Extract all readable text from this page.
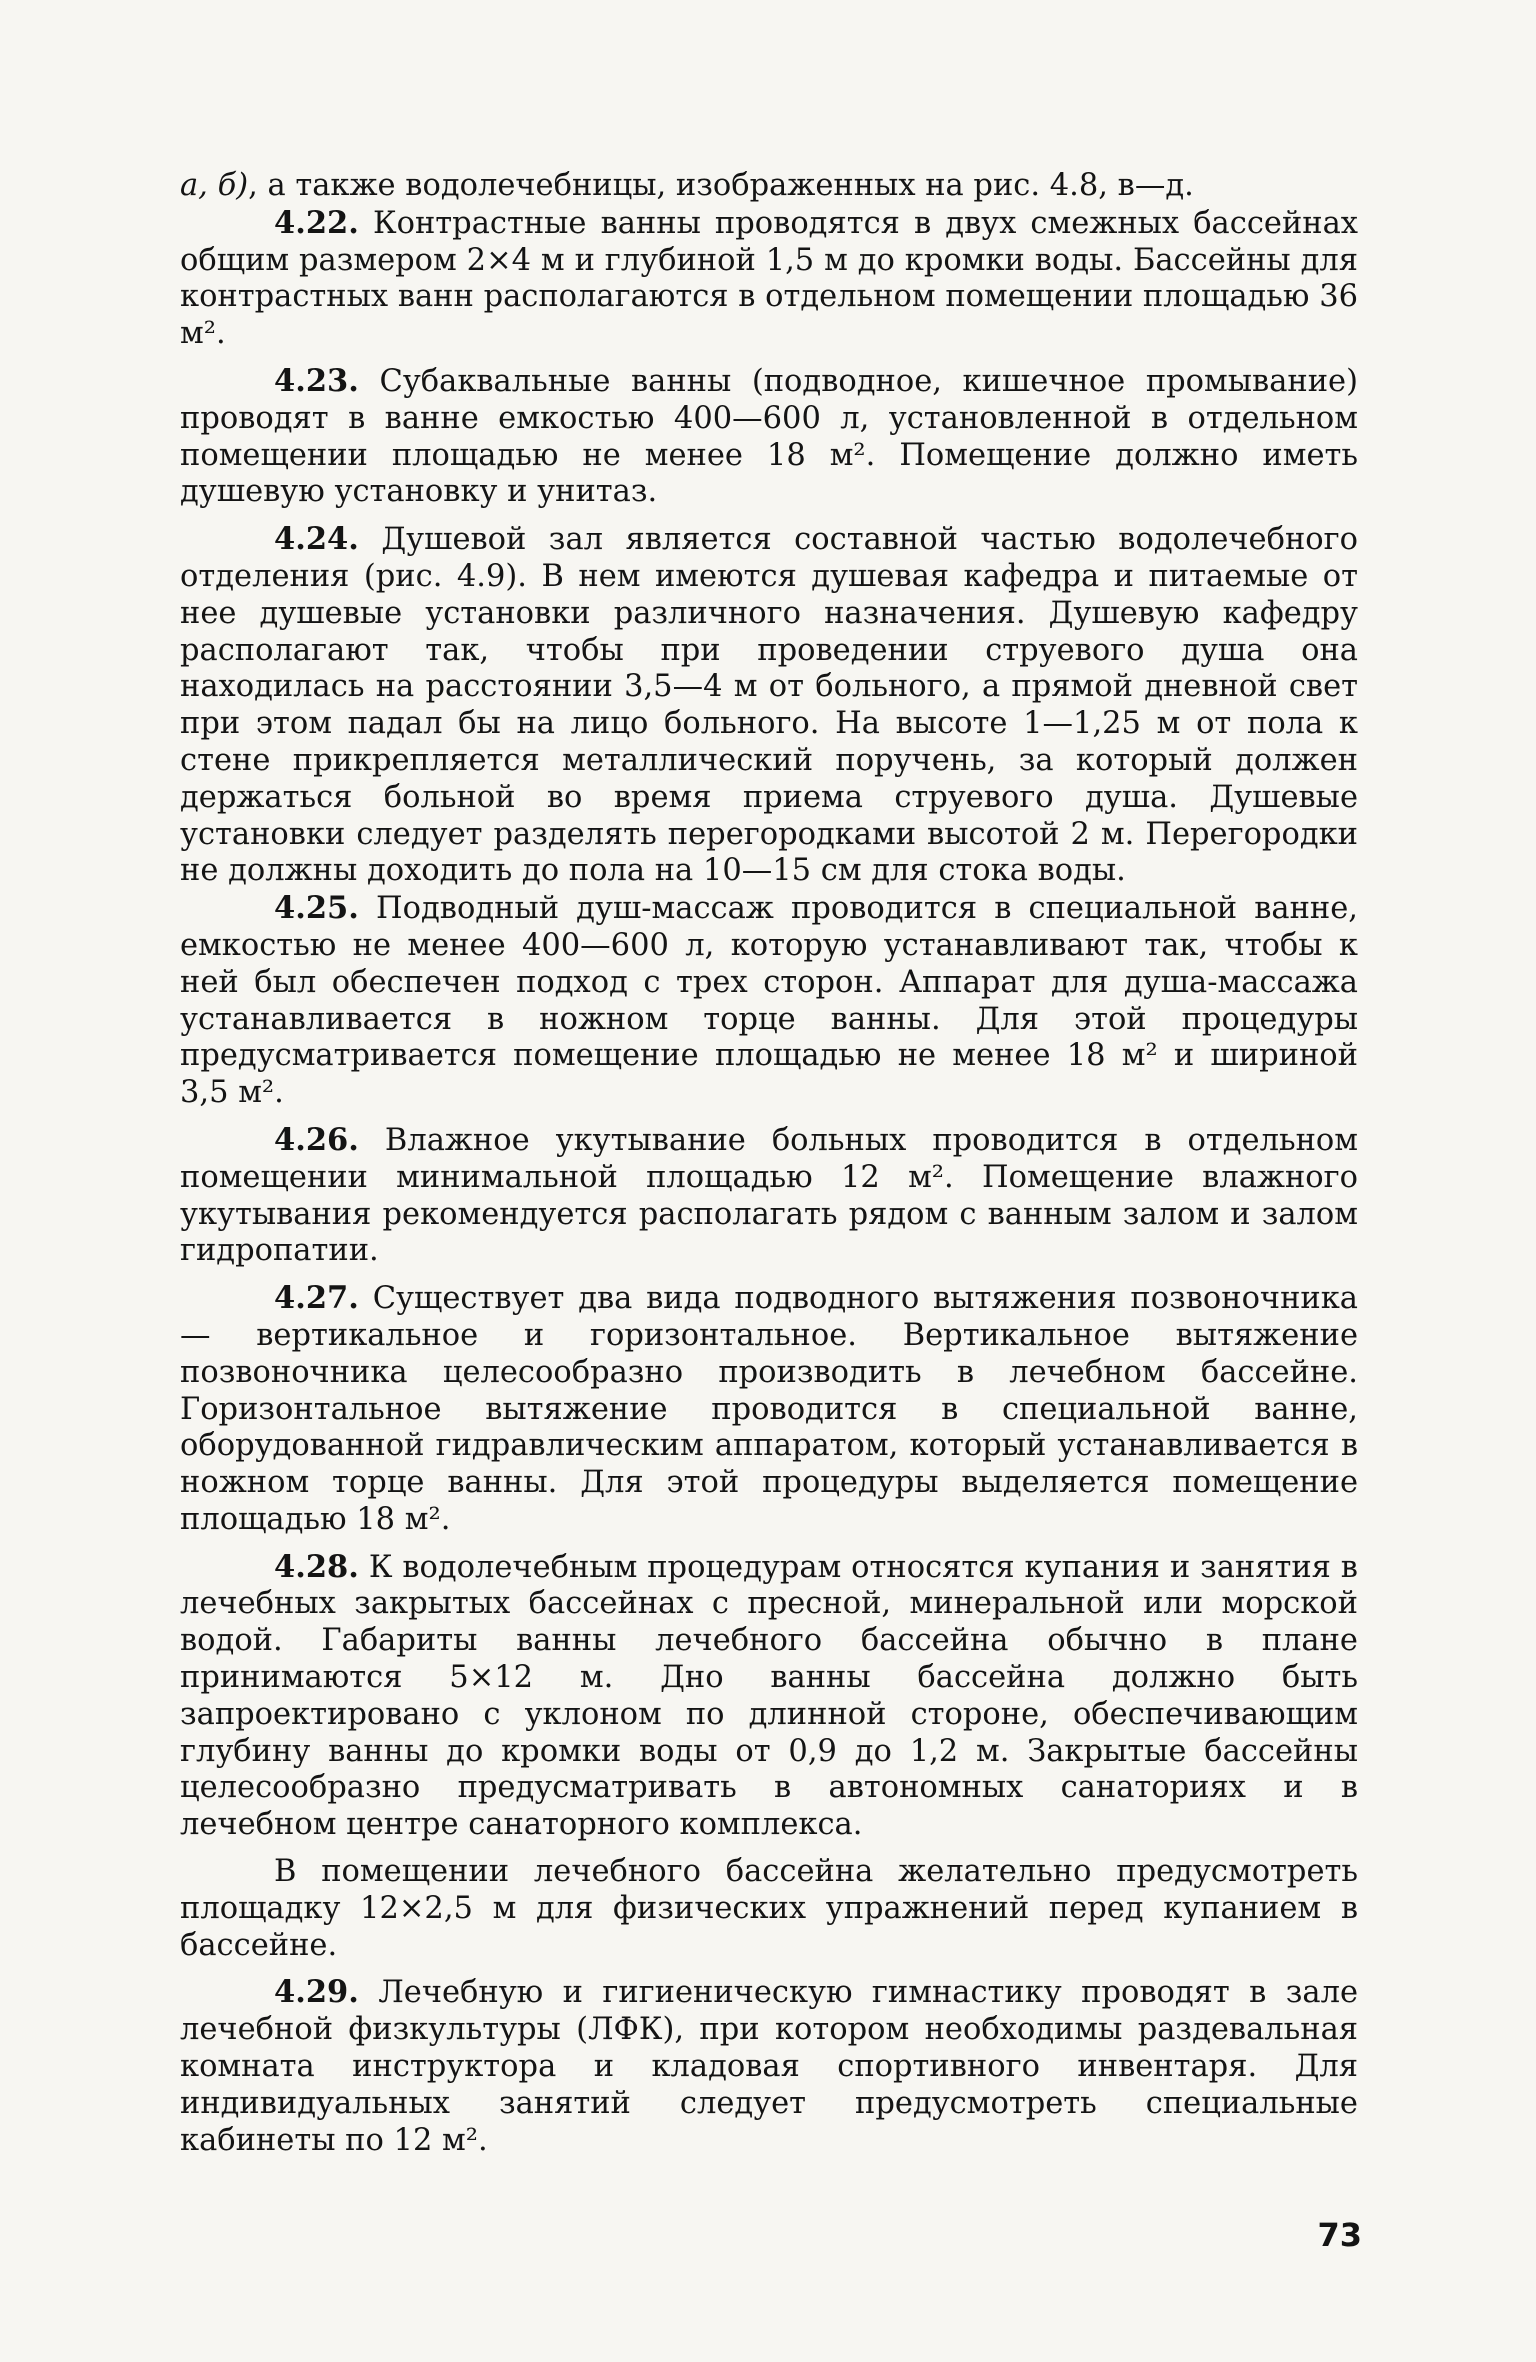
а, б), а также водолечебницы, изображенных на рис. 4.8, в—д.

4.22. Контрастные ванны проводятся в двух смежных бассейнах общим размером 2×4 м и глубиной 1,5 м до кромки воды. Бассейны для контрастных ванн располагаются в отдельном помещении площадью 36 м².

4.23. Субаквальные ванны (подводное, кишечное промывание) проводят в ванне емкостью 400—600 л, установленной в отдельном помещении площадью не менее 18 м². Помещение должно иметь душевую установку и унитаз.

4.24. Душевой зал является составной частью водолечебного отделения (рис. 4.9). В нем имеются душевая кафедра и питаемые от нее душевые установки различного назначения. Душевую кафедру располагают так, чтобы при проведении струевого душа она находилась на расстоянии 3,5—4 м от больного, а прямой дневной свет при этом падал бы на лицо больного. На высоте 1—1,25 м от пола к стене прикрепляется металлический поручень, за который должен держаться больной во время приема струевого душа. Душевые установки следует разделять перегородками высотой 2 м. Перегородки не должны доходить до пола на 10—15 см для стока воды.

4.25. Подводный душ-массаж проводится в специальной ванне, емкостью не менее 400—600 л, которую устанавливают так, чтобы к ней был обеспечен подход с трех сторон. Аппарат для душа-массажа устанавливается в ножном торце ванны. Для этой процедуры предусматривается помещение площадью не менее 18 м² и шириной 3,5 м².

4.26. Влажное укутывание больных проводится в отдельном помещении минимальной площадью 12 м². Помещение влажного укутывания рекомендуется располагать рядом с ванным залом и залом гидропатии.

4.27. Существует два вида подводного вытяжения позвоночника — вертикальное и горизонтальное. Вертикальное вытяжение позвоночника целесообразно производить в лечебном бассейне. Горизонтальное вытяжение проводится в специальной ванне, оборудованной гидравлическим аппаратом, который устанавливается в ножном торце ванны. Для этой процедуры выделяется помещение площадью 18 м².

4.28. К водолечебным процедурам относятся купания и занятия в лечебных закрытых бассейнах с пресной, минеральной или морской водой. Габариты ванны лечебного бассейна обычно в плане принимаются 5×12 м. Дно ванны бассейна должно быть запроектировано с уклоном по длинной стороне, обеспечивающим глубину ванны до кромки воды от 0,9 до 1,2 м. Закрытые бассейны целесообразно предусматривать в автономных санаториях и в лечебном центре санаторного комплекса.

В помещении лечебного бассейна желательно предусмотреть площадку 12×2,5 м для физических упражнений перед купанием в бассейне.

4.29. Лечебную и гигиеническую гимнастику проводят в зале лечебной физкультуры (ЛФК), при котором необходимы раздевальная комната инструктора и кладовая спортивного инвентаря. Для индивидуальных занятий следует предусмотреть специальные кабинеты по 12 м².

73
